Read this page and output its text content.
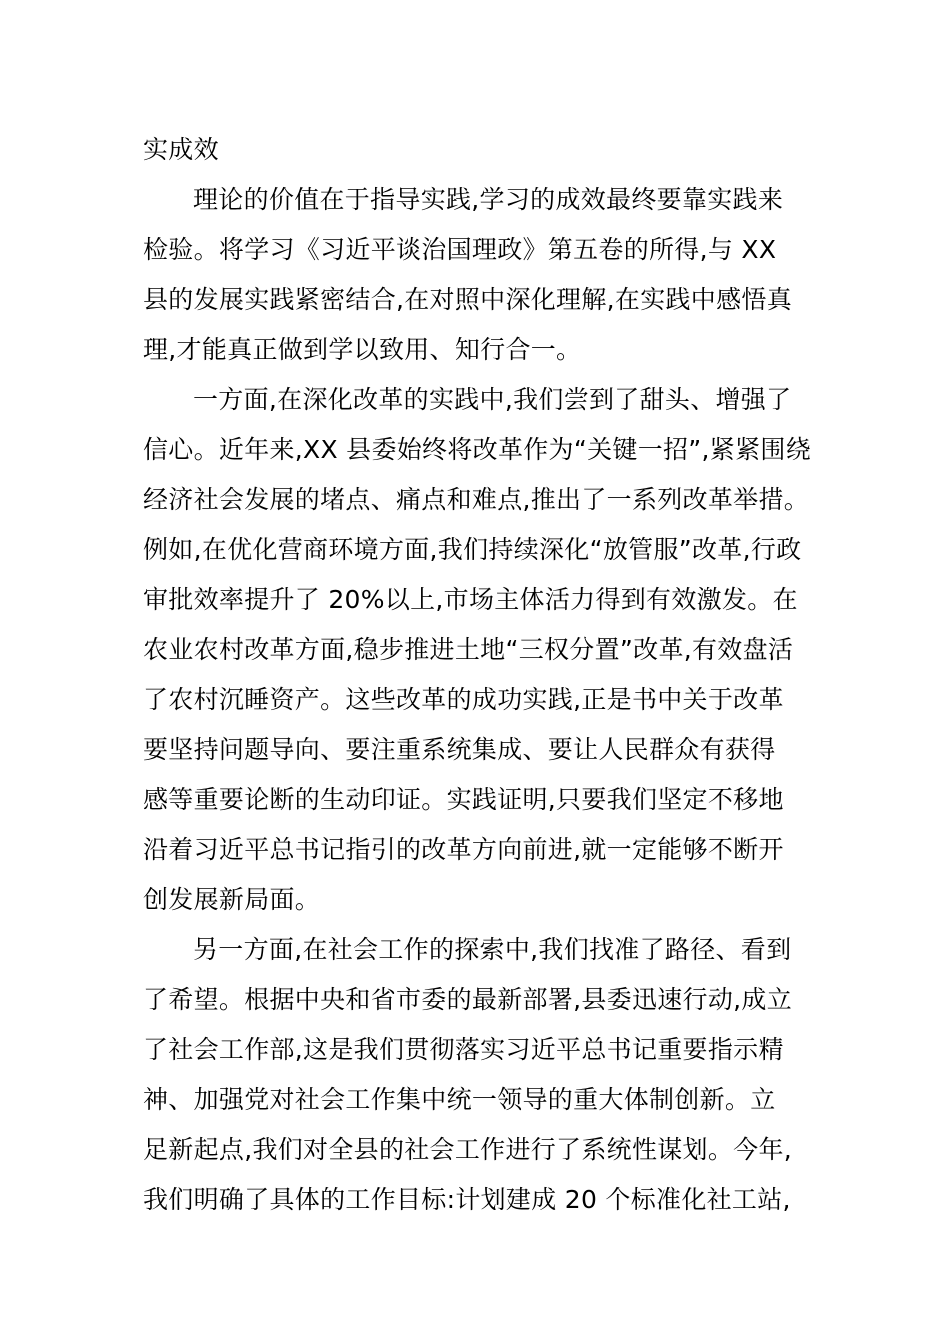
实成效
理论的价值在于指导实践,学习的成效最终要靠实践来
检验。将学习《习近平谈治国理政》第五卷的所得,与 XX
县的发展实践紧密结合,在对照中深化理解,在实践中感悟真
理,才能真正做到学以致用、知行合一。
一方面,在深化改革的实践中,我们尝到了甜头、增强了
信心。近年来,XX 县委始终将改革作为“关键一招”,紧紧围绕
经济社会发展的堵点、痛点和难点,推出了一系列改革举措。
例如,在优化营商环境方面,我们持续深化“放管服”改革,行政
审批效率提升了 20%以上,市场主体活力得到有效激发。在
农业农村改革方面,稳步推进土地“三权分置”改革,有效盘活
了农村沉睡资产。这些改革的成功实践,正是书中关于改革
要坚持问题导向、要注重系统集成、要让人民群众有获得
感等重要论断的生动印证。实践证明,只要我们坚定不移地
沿着习近平总书记指引的改革方向前进,就一定能够不断开
创发展新局面。
另一方面,在社会工作的探索中,我们找准了路径、看到
了希望。根据中央和省市委的最新部署,县委迅速行动,成立
了社会工作部,这是我们贯彻落实习近平总书记重要指示精
神、加强党对社会工作集中统一领导的重大体制创新。立
足新起点,我们对全县的社会工作进行了系统性谋划。今年,
我们明确了具体的工作目标:计划建成 20 个标准化社工站,
